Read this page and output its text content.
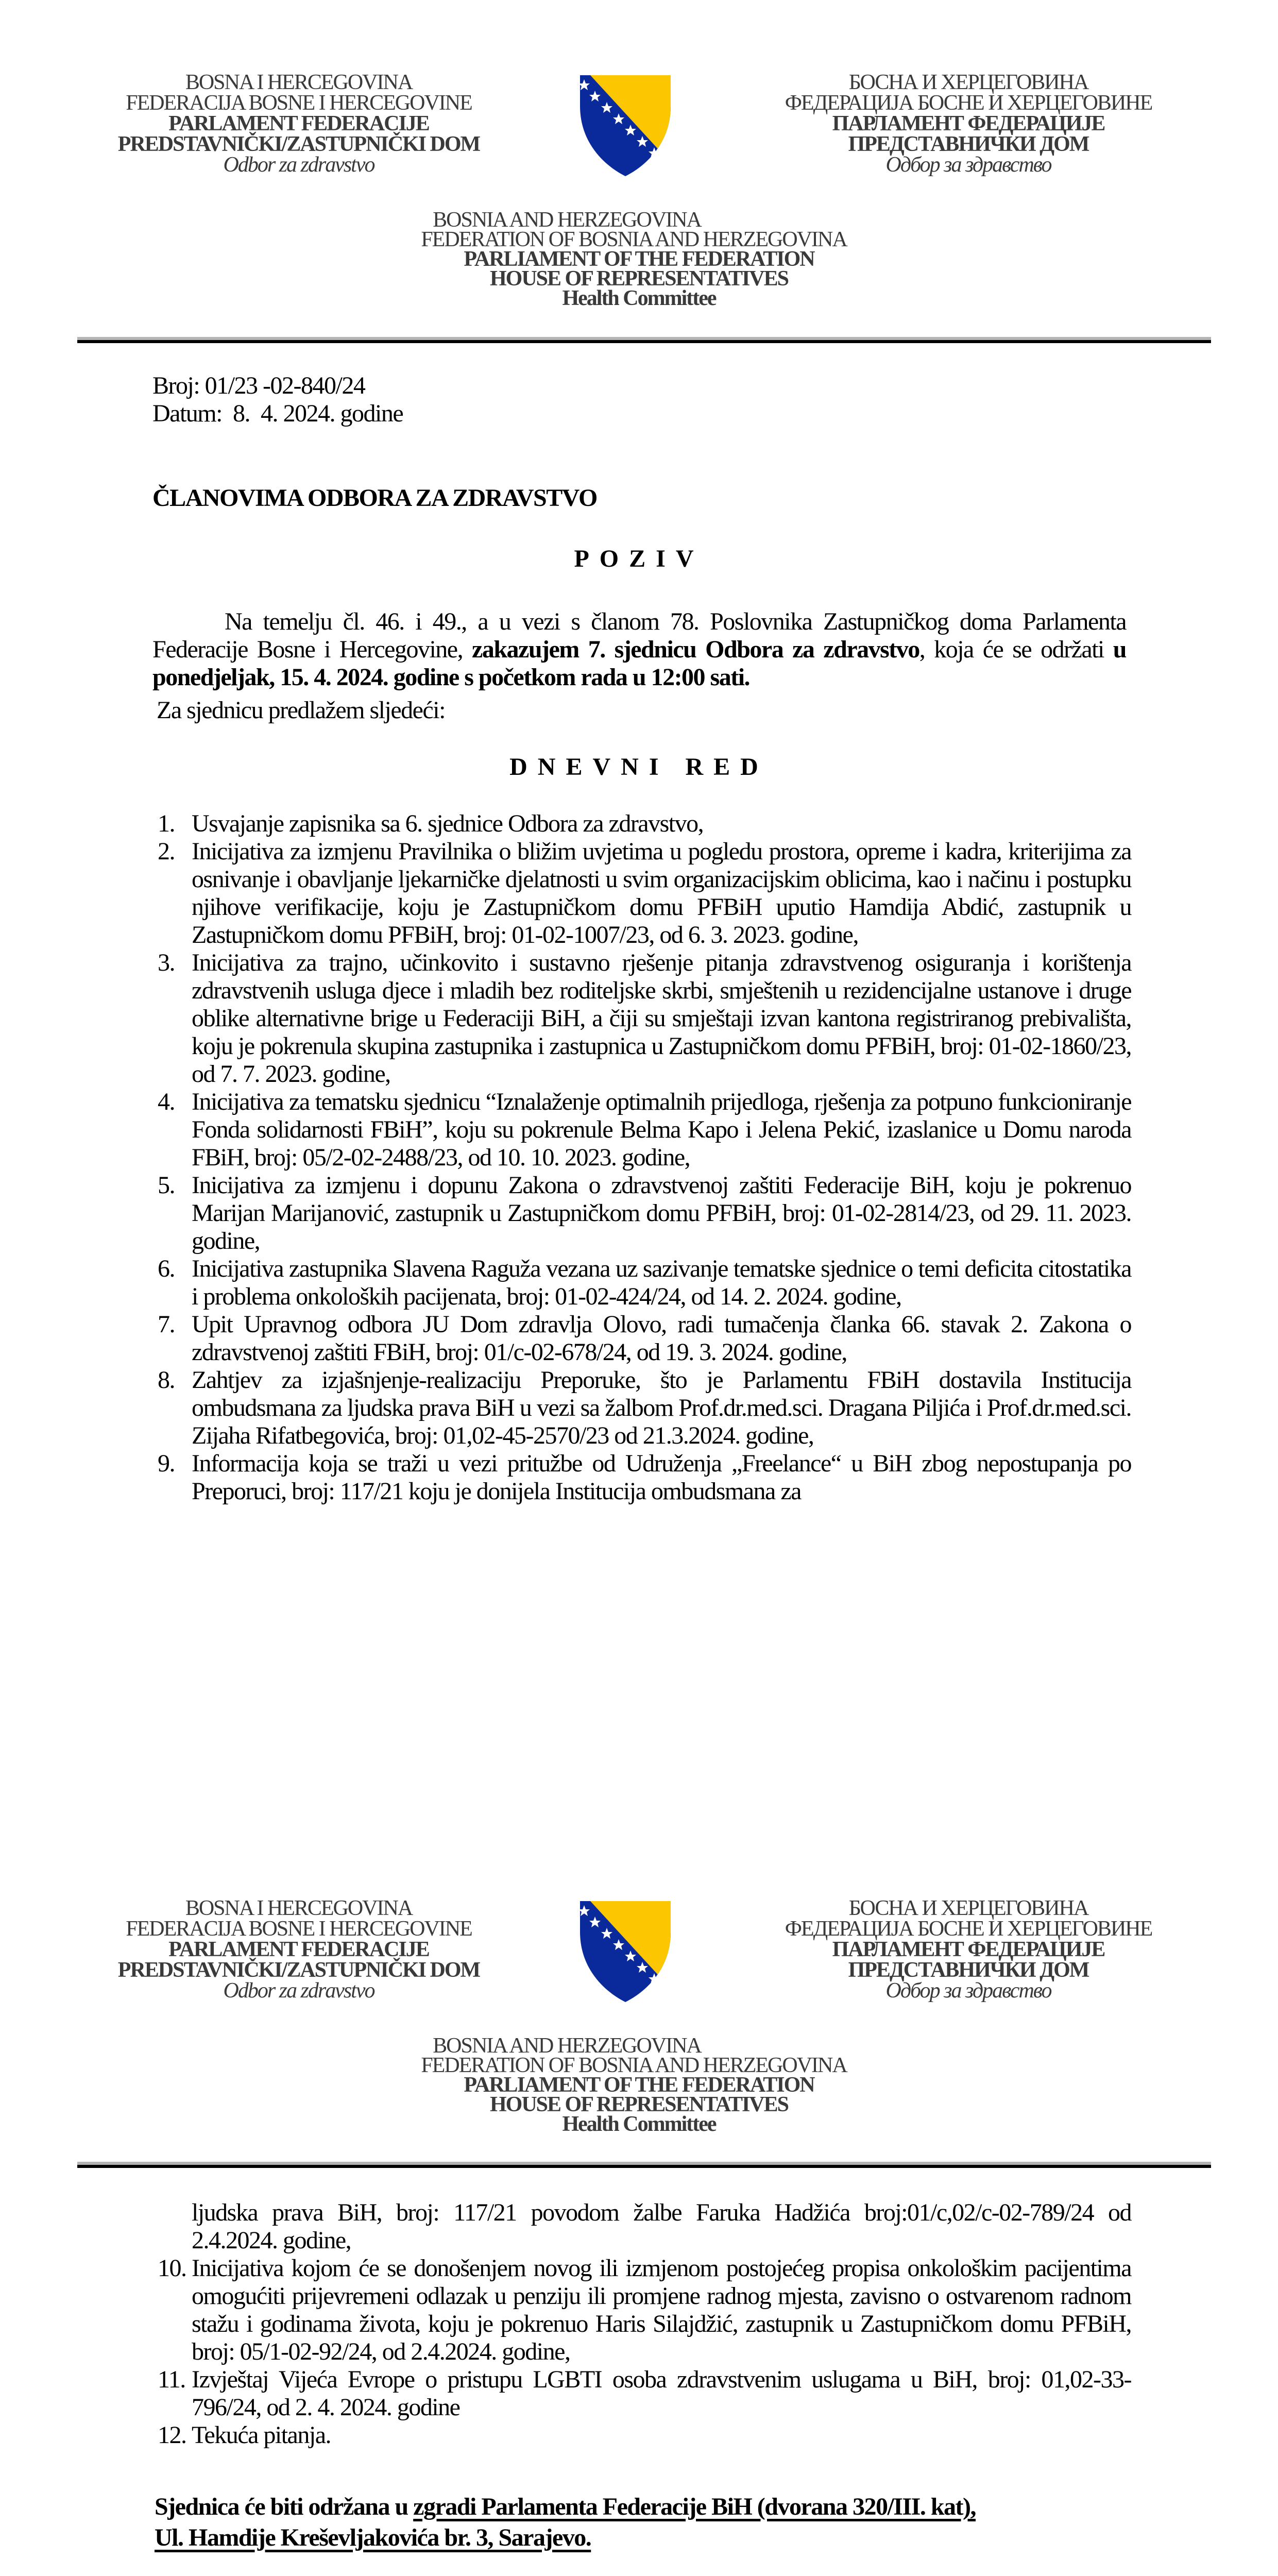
BOSNA I HERCEGOVINA
FEDERACIJA BOSNE I HERCEGOVINE
PARLAMENT FEDERACIJE
PREDSTAVNIČKI/ZASTUPNIČKI DOM
Odbor za zdravstvo
БОСНА И ХЕРЦЕГОВИНА
ФЕДЕРАЦИЈА БОСНЕ И ХЕРЦЕГОВИНЕ
ПАРЛАМЕНТ ФЕДЕРАЦИЈЕ
ПРЕДСТАВНИЧКИ ДОМ
Одбор за здравство
BOSNIA AND HERZEGOVINA
FEDERATION OF BOSNIA AND HERZEGOVINA
PARLIAMENT OF THE FEDERATION
HOUSE OF REPRESENTATIVES
Health Committee
Broj: 01/23 -02-840/24
Datum:  8.  4. 2024. godine
ČLANOVIMA ODBORA ZA ZDRAVSTVO
POZIV
Na temelju čl. 46. i 49., a u vezi s članom 78. Poslovnika Zastupničkog doma Parlamenta Federacije Bosne i Hercegovine, zakazujem 7. sjednicu Odbora za zdravstvo, koja će se održati u ponedjeljak, 15. 4. 2024. godine s početkom rada u 12:00 sati.
Za sjednicu predlažem sljedeći:
DNEVNI RED
1. Usvajanje zapisnika sa 6. sjednice Odbora za zdravstvo,
2. Inicijativa za izmjenu Pravilnika o bližim uvjetima u pogledu prostora, opreme i kadra, kriterijima za osnivanje i obavljanje ljekarničke djelatnosti u svim organizacijskim oblicima, kao i načinu i postupku njihove verifikacije, koju je Zastupničkom domu PFBiH uputio Hamdija Abdić, zastupnik u Zastupničkom domu PFBiH, broj: 01-02-1007/23, od 6. 3. 2023. godine,
3. Inicijativa za trajno, učinkovito i sustavno rješenje pitanja zdravstvenog osiguranja i korištenja zdravstvenih usluga djece i mladih bez roditeljske skrbi, smještenih u rezidencijalne ustanove i druge oblike alternativne brige u Federaciji BiH, a čiji su smještaji izvan kantona registriranog prebivališta, koju je pokrenula skupina zastupnika i zastupnica u Zastupničkom domu PFBiH, broj: 01-02-1860/23, od 7. 7. 2023. godine,
4. Inicijativa za tematsku sjednicu “Iznalaženje optimalnih prijedloga, rješenja za potpuno funkcioniranje Fonda solidarnosti FBiH”, koju su pokrenule Belma Kapo i Jelena Pekić, izaslanice u Domu naroda FBiH, broj: 05/2-02-2488/23, od 10. 10. 2023. godine,
5. Inicijativa za izmjenu i dopunu Zakona o zdravstvenoj zaštiti Federacije BiH, koju je pokrenuo Marijan Marijanović, zastupnik u Zastupničkom domu PFBiH, broj: 01-02-2814/23, od 29. 11. 2023. godine,
6. Inicijativa zastupnika Slavena Raguža vezana uz sazivanje tematske sjednice o temi deficita citostatika i problema onkoloških pacijenata, broj: 01-02-424/24, od 14. 2. 2024. godine,
7. Upit Upravnog odbora JU Dom zdravlja Olovo, radi tumačenja članka 66. stavak 2. Zakona o zdravstvenoj zaštiti FBiH, broj: 01/c-02-678/24, od 19. 3. 2024. godine,
8. Zahtjev za izjašnjenje-realizaciju Preporuke, što je Parlamentu FBiH dostavila Institucija ombudsmana za ljudska prava BiH u vezi sa žalbom Prof.dr.med.sci. Dragana Piljića i Prof.dr.med.sci. Zijaha Rifatbegovića, broj: 01,02-45-2570/23 od 21.3.2024. godine,
9. Informacija koja se traži u vezi pritužbe od Udruženja „Freelance“ u BiH zbog nepostupanja po Preporuci, broj: 117/21 koju je donijela Institucija ombudsmana za
BOSNA I HERCEGOVINA
FEDERACIJA BOSNE I HERCEGOVINE
PARLAMENT FEDERACIJE
PREDSTAVNIČKI/ZASTUPNIČKI DOM
Odbor za zdravstvo
БОСНА И ХЕРЦЕГОВИНА
ФЕДЕРАЦИЈА БОСНЕ И ХЕРЦЕГОВИНЕ
ПАРЛАМЕНТ ФЕДЕРАЦИЈЕ
ПРЕДСТАВНИЧКИ ДОМ
Одбор за здравство
BOSNIA AND HERZEGOVINA
FEDERATION OF BOSNIA AND HERZEGOVINA
PARLIAMENT OF THE FEDERATION
HOUSE OF REPRESENTATIVES
Health Committee
ljudska prava BiH, broj: 117/21 povodom žalbe Faruka Hadžića broj:01/c,02/c-02-789/24 od 2.4.2024. godine,
10. Inicijativa kojom će se donošenjem novog ili izmjenom postojećeg propisa onkološkim pacijentima omogućiti prijevremeni odlazak u penziju ili promjene radnog mjesta, zavisno o ostvarenom radnom stažu i godinama života, koju je pokrenuo Haris Silajdžić, zastupnik u Zastupničkom domu PFBiH, broj: 05/1-02-92/24, od 2.4.2024. godine,
11. Izvještaj Vijeća Evrope o pristupu LGBTI osoba zdravstvenim uslugama u BiH, broj: 01,02-33-796/24, od 2. 4. 2024. godine
12. Tekuća pitanja.
Sjednica će biti održana u zgradi Parlamenta Federacije BiH (dvorana 320/III. kat),
Ul. Hamdije Kreševljakovića br. 3, Sarajevo.
